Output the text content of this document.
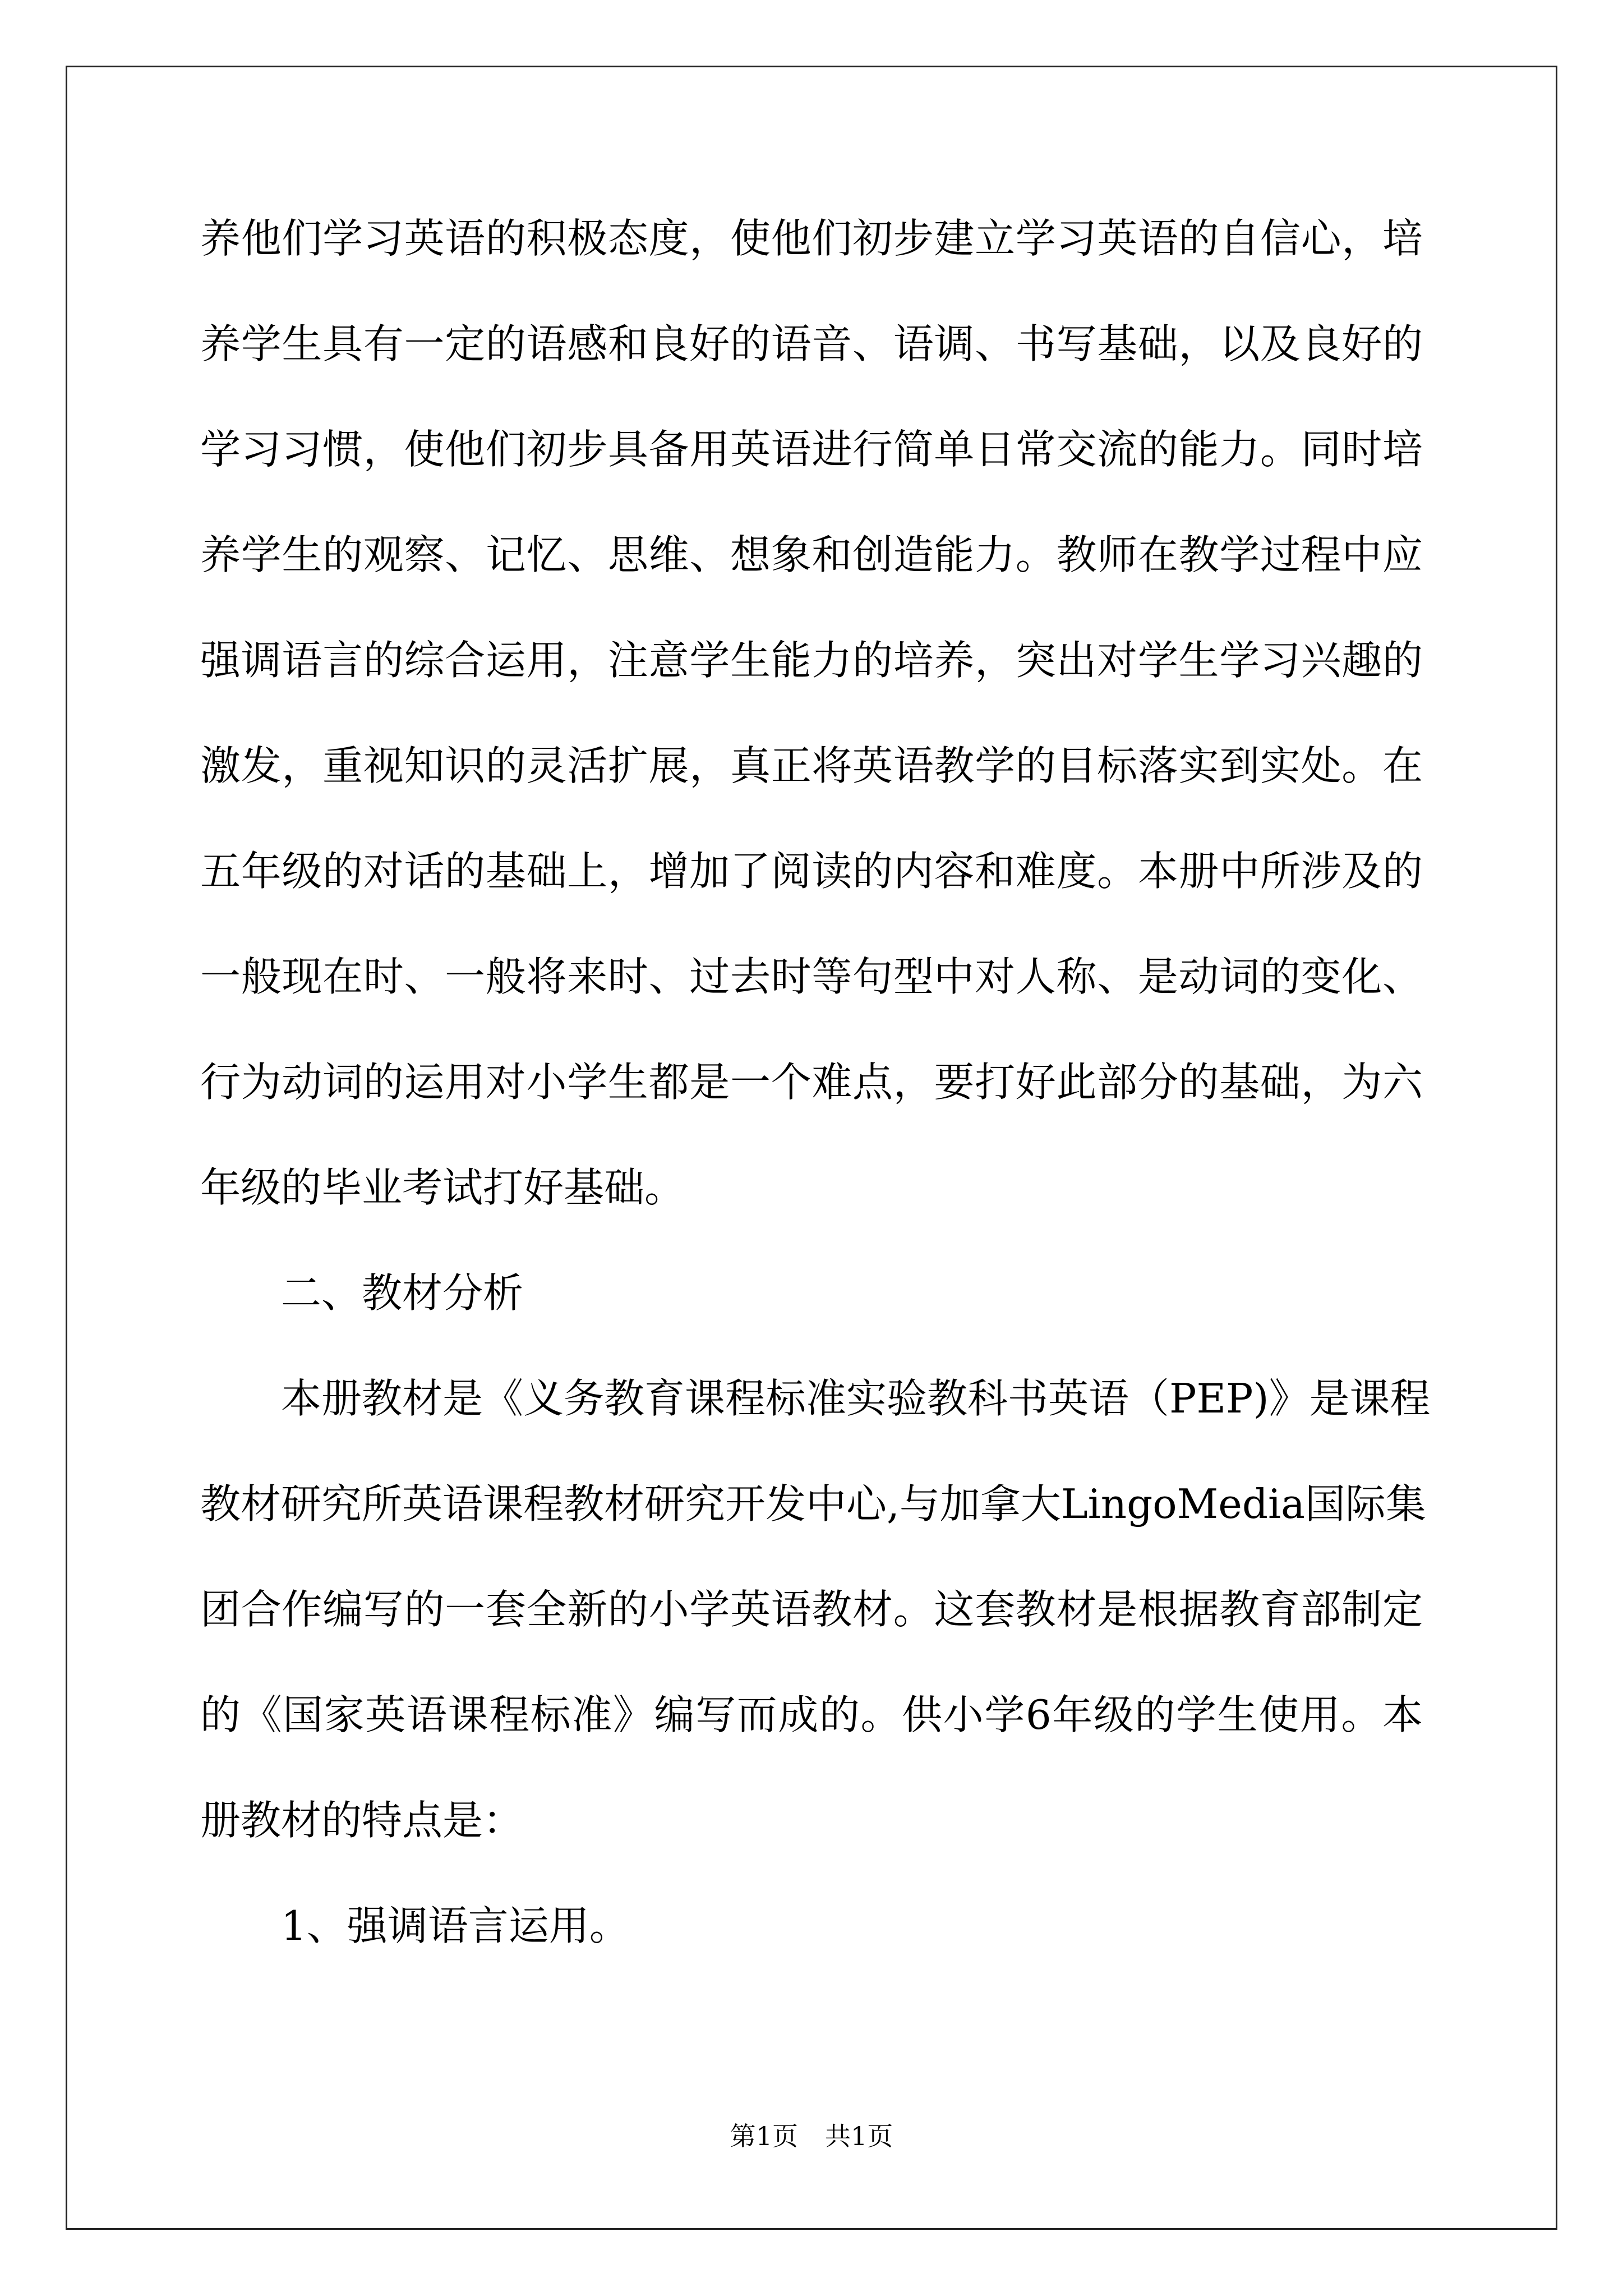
养他们学习英语的积极态度，使他们初步建立学习英语的自信心，培
养学生具有一定的语感和良好的语音、语调、书写基础，以及良好的
学习习惯，使他们初步具备用英语进行简单日常交流的能力。同时培
养学生的观察、记忆、思维、想象和创造能力。教师在教学过程中应
强调语言的综合运用，注意学生能力的培养，突出对学生学习兴趣的
激发，重视知识的灵活扩展，真正将英语教学的目标落实到实处。在
五年级的对话的基础上，增加了阅读的内容和难度。本册中所涉及的
一般现在时、一般将来时、过去时等句型中对人称、是动词的变化、
行为动词的运用对小学生都是一个难点，要打好此部分的基础，为六
年级的毕业考试打好基础。
二、教材分析
本册教材是《义务教育课程标准实验教科书英语（PEP)》是课程
教材研究所英语课程教材研究开发中心,与加拿大LingoMedia国际集
团合作编写的一套全新的小学英语教材。这套教材是根据教育部制定
的《国家英语课程标准》编写而成的。供小学6年级的学生使用。本
册教材的特点是：
1、强调语言运用。
第1页 共1页
